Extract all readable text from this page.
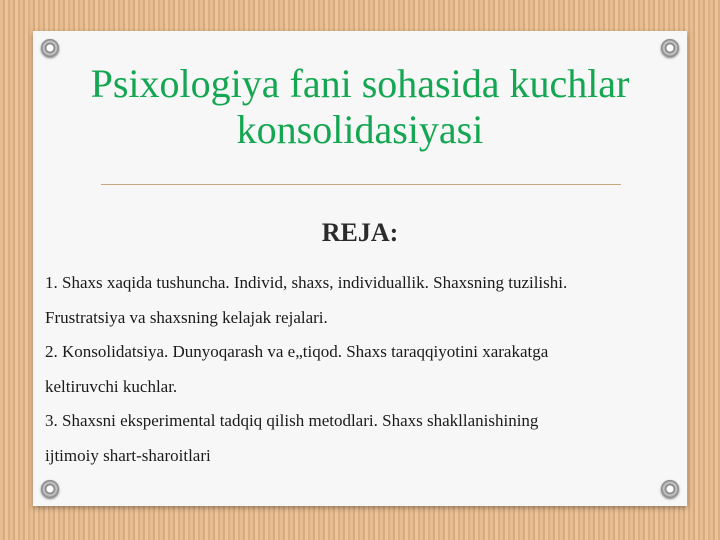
Psixologiya fani sohasida kuchlar konsolidasiyasi
REJA:

1. Shaxs xaqida tushuncha. Individ, shaxs, individuallik. Shaxsning tuzilishi.

Frustratsiya va shaxsning kelajak rejalari.

2. Konsolidatsiya. Dunyoqarash va e„tiqod. Shaxs taraqqiyotini xarakatga

keltiruvchi kuchlar.

3. Shaxsni eksperimental tadqiq qilish metodlari. Shaxs shakllanishining

ijtimoiy shart-sharoitlari
